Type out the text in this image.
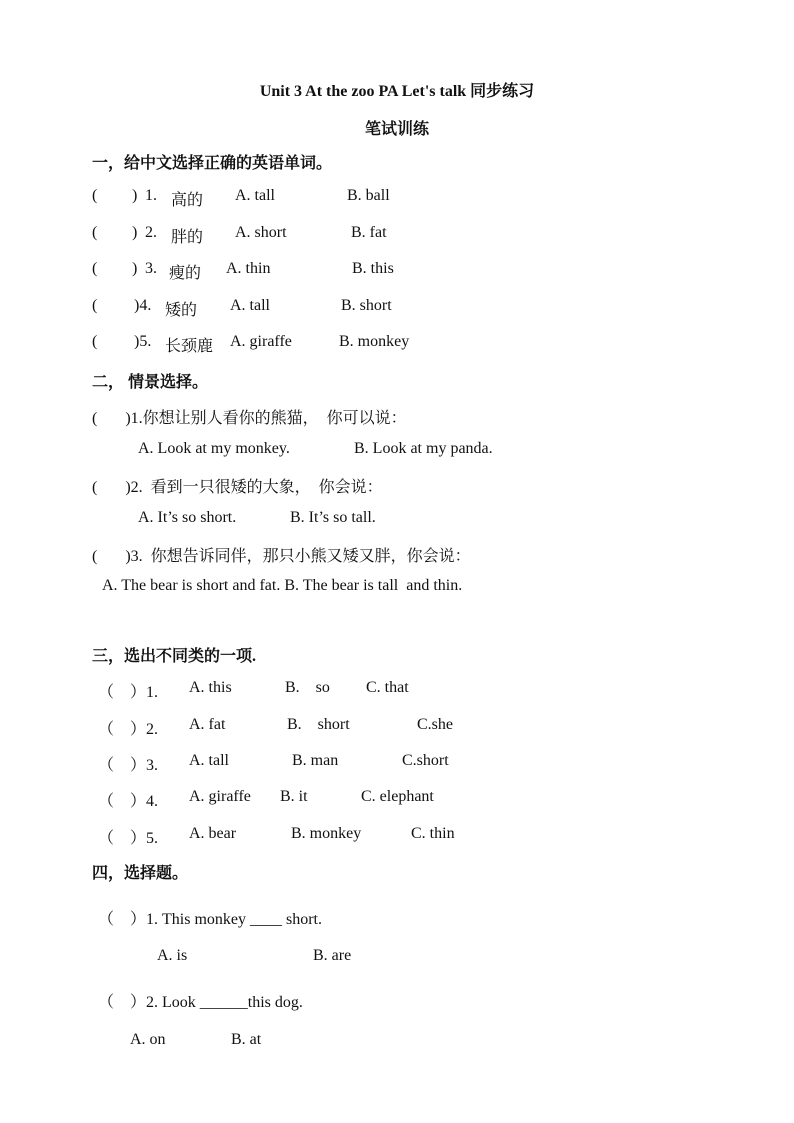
Unit 3 At the zoo PA Let's talk 同步练习
笔试训练
一，给中文选择正确的英语单词。
( ) 1. 高的 A. tall	B. ball
( ) 2. 胖的 A. short	B. fat
( ) 3. 瘦的 A. thin	B. this
( )4. 矮的 A. tall	B. short
( )5. 长颈鹿 A. giraffe	B. monkey
二， 情景选择。
(       )1.你想让别人看你的熊猫，  你可以说：
A. Look at my monkey.	B. Look at my panda.
(       )2.  看到一只很矮的大象，  你会说：
A. It’s so short.	B. It’s so tall.
(       )3.  你想告诉同伴，那只小熊又矮又胖，你会说：
A. The bear is short and fat. B. The bear is tall  and thin.
三，选出不同类的一项.
（    ）1. A. this	B.    so C. that
（    ）2. A. fat	B.    short	C.she
（    ）3. A. tall	B. man	C.short
（    ）4. A. giraffe B. it	C. elephant
（    ）5. A. bear	B. monkey	C. thin
四，选择题。
（    ）1. This monkey ____ short.
A. is	B. are
（    ）2. Look ______this dog.
A. on	B. at
